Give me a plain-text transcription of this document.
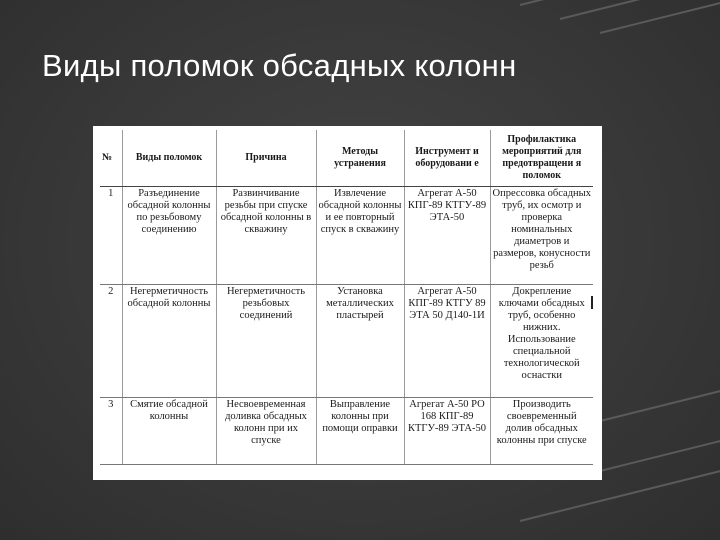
Виды поломок обсадных колонн
№	Виды поломок	Причина	Методы устранения	Инструмент и оборудовани е	Профилактика мероприятий для предотвращени я поломок
1	Разъединение обсадной колонны по резьбовому соединению	Развинчивание резьбы при спуске обсадной колонны в скважину	Извлечение обсадной колонны и ее повторный спуск в скважину	Агрегат А-50 КПГ-89 КТГУ-89 ЭТА-50	Опрессовка обсадных труб, их осмотр и проверка номинальных диаметров и размеров, конусности резьб
2	Негерметичность обсадной колонны	Негерметичность резьбовых соединений	Установка металлических пластырей	Агрегат А-50 КПГ-89 КТГУ 89 ЭТА 50 Д140-1И	Докрепление ключами обсадных труб, особенно нижних. Использование специальной технологической оснастки
3	Смятие обсадной колонны	Несвоевременная доливка обсадных колонн при их спуске	Выправление колонны при помощи оправки	Агрегат А-50 РО 168 КПГ-89 КТГУ-89 ЭТА-50	Производить своевременный долив обсадных колонны при спуске
